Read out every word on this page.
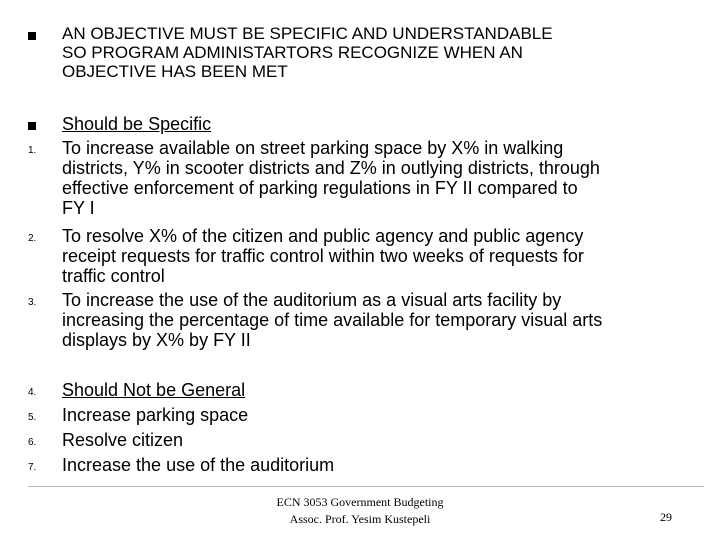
AN OBJECTIVE MUST BE SPECIFIC AND UNDERSTANDABLE
SO PROGRAM ADMINISTARTORS RECOGNIZE WHEN AN
OBJECTIVE HAS BEEN MET
Should be Specific
1. To increase available on street parking space by X% in walking
districts, Y% in scooter districts and Z% in outlying districts, through
effective enforcement of parking regulations in FY II compared to
FY I
2. To resolve X% of the citizen and public agency and public agency
receipt requests for traffic control within two weeks of requests for
traffic control
3. To increase the use of the auditorium as a visual arts facility by
increasing the percentage of time available for temporary visual arts
displays by X% by FY II
4. Should Not be General
5. Increase parking space
6. Resolve citizen
7. Increase the use of the auditorium
ECN 3053 Government Budgeting
Assoc. Prof. Yesim Kustepeli	29
